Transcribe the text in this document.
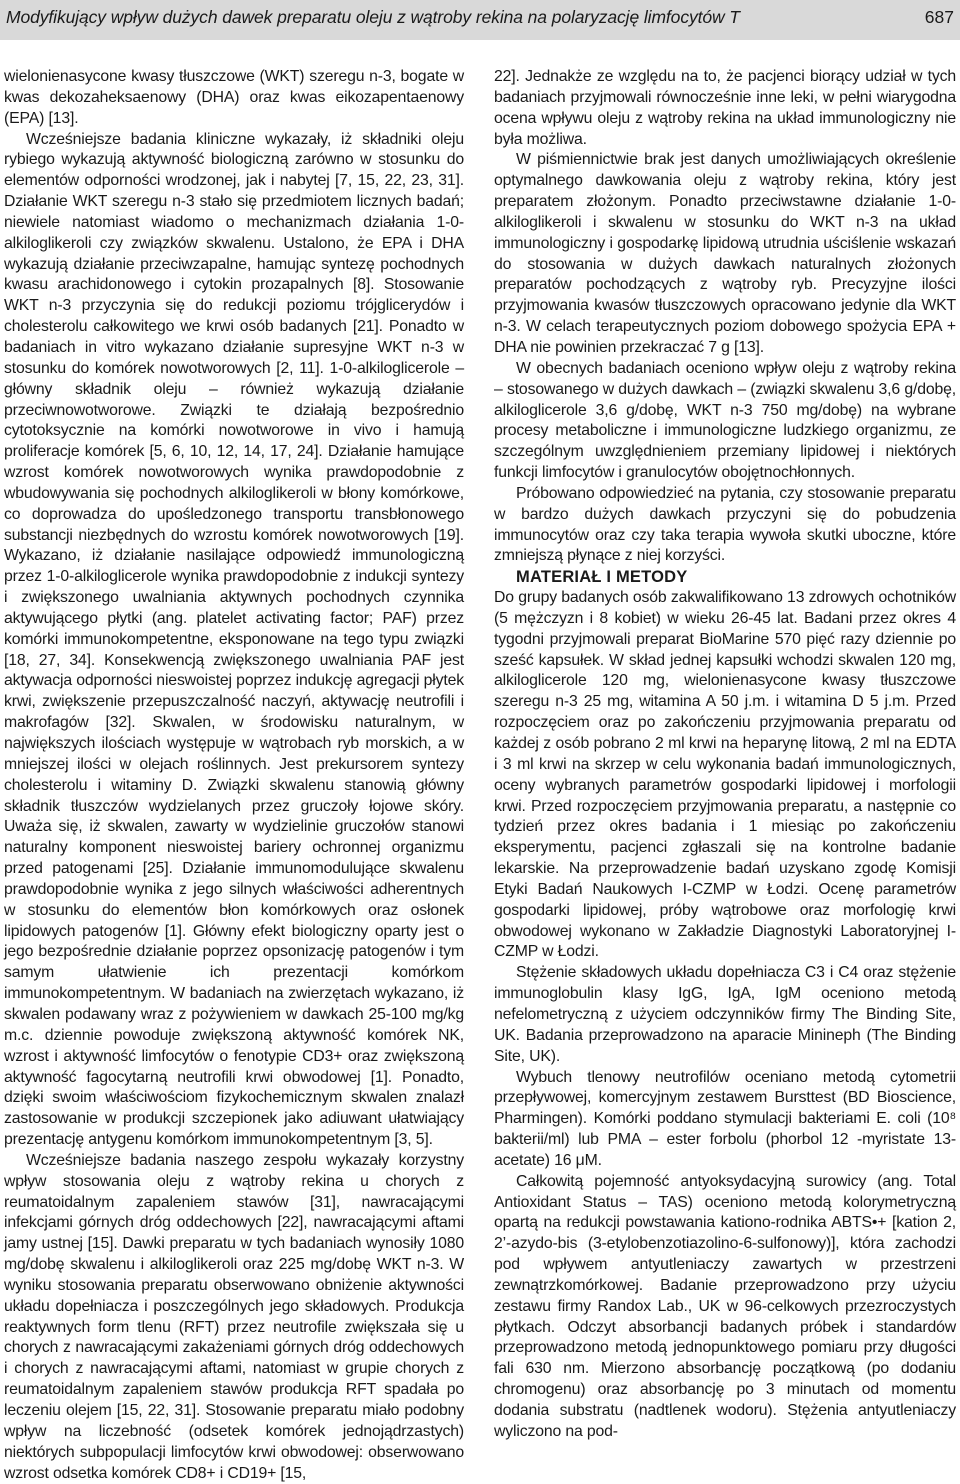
Modyfikujący wpływ dużych dawek preparatu oleju z wątroby rekina na polaryzację limfocytów T	687

wielonienasycone kwasy tłuszczowe (WKT) szeregu n-3, bogate w kwas dekozaheksaenowy (DHA) oraz kwas eikozapentaenowy (EPA) [13].

Wcześniejsze badania kliniczne wykazały, iż składniki oleju rybiego wykazują aktywność biologiczną zarówno w stosunku do elementów odporności wrodzonej, jak i nabytej [7, 15, 22, 23, 31]. Działanie WKT szeregu n-3 stało się przedmiotem licznych badań; niewiele natomiast wiadomo o mechanizmach działania 1-0-alkiloglikeroli czy związków skwalenu. Ustalono, że EPA i DHA wykazują działanie przeciwzapalne, hamując syntezę pochodnych kwasu arachidonowego i cytokin prozapalnych [8]. Stosowanie WKT n-3 przyczynia się do redukcji poziomu trójglicerydów i cholesterolu całkowitego we krwi osób badanych [21]. Ponadto w badaniach in vitro wykazano działanie supresyjne WKT n-3 w stosunku do komórek nowotworowych [2, 11]. 1-0-alkiloglicerole – główny składnik oleju – również wykazują działanie przeciwnowotworowe. Związki te działają bezpośrednio cytotoksycznie na komórki nowotworowe in vivo i hamują proliferacje komórek [5, 6, 10, 12, 14, 17, 24]. Działanie hamujące wzrost komórek nowotworowych wynika prawdopodobnie z wbudowywania się pochodnych alkiloglikeroli w błony komórkowe, co doprowadza do upośledzonego transportu transbłonowego substancji niezbędnych do wzrostu komórek nowotworowych [19]. Wykazano, iż działanie nasilające odpowiedź immunologiczną przez 1-0-alkiloglicerole wynika prawdopodobnie z indukcji syntezy i zwiększonego uwalniania aktywnych pochodnych czynnika aktywującego płytki (ang. platelet activating factor; PAF) przez komórki immunokompetentne, eksponowane na tego typu związki [18, 27, 34]. Konsekwencją zwiększonego uwalniania PAF jest aktywacja odporności nieswoistej poprzez indukcję agregacji płytek krwi, zwiększenie przepuszczalność naczyń, aktywację neutrofili i makrofagów [32]. Skwalen, w środowisku naturalnym, w największych ilościach występuje w wątrobach ryb morskich, a w mniejszej ilości w olejach roślinnych. Jest prekursorem syntezy cholesterolu i witaminy D. Związki skwalenu stanowią główny składnik tłuszczów wydzielanych przez gruczoły łojowe skóry. Uważa się, iż skwalen, zawarty w wydzielinie gruczołów stanowi naturalny komponent nieswoistej bariery ochronnej organizmu przed patogenami [25]. Działanie immunomodulujące skwalenu prawdopodobnie wynika z jego silnych właściwości adherentnych w stosunku do elementów błon komórkowych oraz osłonek lipidowych patogenów [1]. Główny efekt biologiczny oparty jest o jego bezpośrednie działanie poprzez opsonizację patogenów i tym samym ułatwienie ich prezentacji komórkom immunokompetentnym. W badaniach na zwierzętach wykazano, iż skwalen podawany wraz z pożywieniem w dawkach 25-100 mg/kg m.c. dziennie powoduje zwiększoną aktywność komórek NK, wzrost i aktywność limfocytów o fenotypie CD3+ oraz zwiększoną aktywność fagocytarną neutrofili krwi obwodowej [1]. Ponadto, dzięki swoim właściwościom fizykochemicznym skwalen znalazł zastosowanie w produkcji szczepionek jako adiuwant ułatwiający prezentację antygenu komórkom immunokompetentnym [3, 5].

Wcześniejsze badania naszego zespołu wykazały korzystny wpływ stosowania oleju z wątroby rekina u chorych z reumatoidalnym zapaleniem stawów [31], nawracającymi infekcjami górnych dróg oddechowych [22], nawracającymi aftami jamy ustnej [15]. Dawki preparatu w tych badaniach wynosiły 1080 mg/dobę skwalenu i alkiloglikeroli oraz 225 mg/dobę WKT n-3. W wyniku stosowania preparatu obserwowano obniżenie aktywności układu dopełniacza i poszczególnych jego składowych. Produkcja reaktywnych form tlenu (RFT) przez neutrofile zwiększała się u chorych z nawracającymi zakażeniami górnych dróg oddechowych i chorych z nawracającymi aftami, natomiast w grupie chorych z reumatoidalnym zapaleniem stawów produkcja RFT spadała po leczeniu olejem [15, 22, 31]. Stosowanie preparatu miało podobny wpływ na liczebność (odsetek komórek jednojądrzastych) niektórych subpopulacji limfocytów krwi obwodowej: obserwowano wzrost odsetka komórek CD8+ i CD19+ [15,

22]. Jednakże ze względu na to, że pacjenci biorący udział w tych badaniach przyjmowali równocześnie inne leki, w pełni wiarygodna ocena wpływu oleju z wątroby rekina na układ immunologiczny nie była możliwa.

W piśmiennictwie brak jest danych umożliwiających określenie optymalnego dawkowania oleju z wątroby rekina, który jest preparatem złożonym. Ponadto przeciwstawne działanie 1-0-alkiloglikeroli i skwalenu w stosunku do WKT n-3 na układ immunologiczny i gospodarkę lipidową utrudnia uściślenie wskazań do stosowania w dużych dawkach naturalnych złożonych preparatów pochodzących z wątroby ryb. Precyzyjne ilości przyjmowania kwasów tłuszczowych opracowano jedynie dla WKT n-3. W celach terapeutycznych poziom dobowego spożycia EPA + DHA nie powinien przekraczać 7 g [13].

W obecnych badaniach oceniono wpływ oleju z wątroby rekina – stosowanego w dużych dawkach – (związki skwalenu 3,6 g/dobę, alkiloglicerole 3,6 g/dobę, WKT n-3 750 mg/dobę) na wybrane procesy metaboliczne i immunologiczne ludzkiego organizmu, ze szczególnym uwzględnieniem przemiany lipidowej i niektórych funkcji limfocytów i granulocytów obojętnochłonnych.

Próbowano odpowiedzieć na pytania, czy stosowanie preparatu w bardzo dużych dawkach przyczyni się do pobudzenia immunocytów oraz czy taka terapia wywoła skutki uboczne, które zmniejszą płynące z niej korzyści.

MATERIAŁ I METODY

Do grupy badanych osób zakwalifikowano 13 zdrowych ochotników (5 mężczyzn i 8 kobiet) w wieku 26-45 lat. Badani przez okres 4 tygodni przyjmowali preparat BioMarine 570 pięć razy dziennie po sześć kapsułek. W skład jednej kapsułki wchodzi skwalen 120 mg, alkiloglicerole 120 mg, wielonienasycone kwasy tłuszczowe szeregu n-3 25 mg, witamina A 50 j.m. i witamina D 5 j.m. Przed rozpoczęciem oraz po zakończeniu przyjmowania preparatu od każdej z osób pobrano 2 ml krwi na heparynę litową, 2 ml na EDTA i 3 ml krwi na skrzep w celu wykonania badań immunologicznych, oceny wybranych parametrów gospodarki lipidowej i morfologii krwi. Przed rozpoczęciem przyjmowania preparatu, a następnie co tydzień przez okres badania i 1 miesiąc po zakończeniu eksperymentu, pacjenci zgłaszali się na kontrolne badanie lekarskie. Na przeprowadzenie badań uzyskano zgodę Komisji Etyki Badań Naukowych I-CZMP w Łodzi. Ocenę parametrów gospodarki lipidowej, próby wątrobowe oraz morfologię krwi obwodowej wykonano w Zakładzie Diagnostyki Laboratoryjnej I-CZMP w Łodzi.

Stężenie składowych układu dopełniacza C3 i C4 oraz stężenie immunoglobulin klasy IgG, IgA, IgM oceniono metodą nefelometryczną z użyciem odczynników firmy The Binding Site, UK. Badania przeprowadzono na aparacie Minineph (The Binding Site, UK).

Wybuch tlenowy neutrofilów oceniano metodą cytometrii przepływowej, komercyjnym zestawem Bursttest (BD Bioscience, Pharmingen). Komórki poddano stymulacji bakteriami E. coli (10⁸ bakterii/ml) lub PMA – ester forbolu (phorbol 12 -myristate 13-acetate) 16 μM.

Całkowitą pojemność antyoksydacyjną surowicy (ang. Total Antioxidant Status – TAS) oceniono metodą kolorymetryczną opartą na redukcji powstawania kationo-rodnika ABTS•+ [kation 2, 2’-azydo-bis (3-etylobenzotiazolino-6-sulfonowy)], która zachodzi pod wpływem antyutleniaczy zawartych w przestrzeni zewnątrzkomórkowej. Badanie przeprowadzono przy użyciu zestawu firmy Randox Lab., UK w 96-celkowych przezroczystych płytkach. Odczyt absorbancji badanych próbek i standardów przeprowadzono metodą jednopunktowego pomiaru przy długości fali 630 nm. Mierzono absorbancję początkową (po dodaniu chromogenu) oraz absorbancję po 3 minutach od momentu dodania substratu (nadtlenek wodoru). Stężenia antyutleniaczy wyliczono na pod-
